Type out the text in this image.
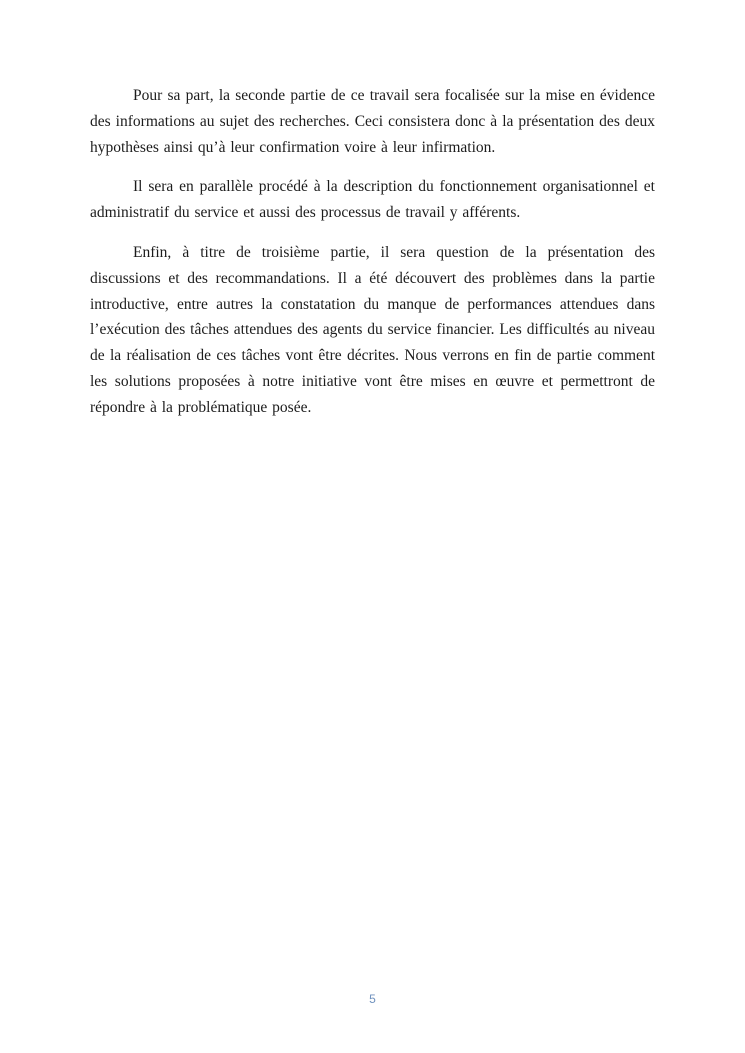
Pour sa part, la seconde partie de ce travail sera focalisée sur la mise en évidence des informations au sujet des recherches. Ceci consistera donc à la présentation des deux hypothèses ainsi qu’à leur confirmation voire à leur infirmation.

Il sera en parallèle procédé à la description du fonctionnement organisationnel et administratif du service et aussi des processus de travail y afférents.

Enfin, à titre de troisième partie, il sera question de la présentation des discussions et des recommandations. Il a été découvert des problèmes dans la partie introductive, entre autres la constatation du manque de performances attendues dans l’exécution des tâches attendues des agents du service financier. Les difficultés au niveau de la réalisation de ces tâches vont être décrites. Nous verrons en fin de partie comment les solutions proposées à notre initiative vont être mises en œuvre et permettront de répondre à la problématique posée.

5
